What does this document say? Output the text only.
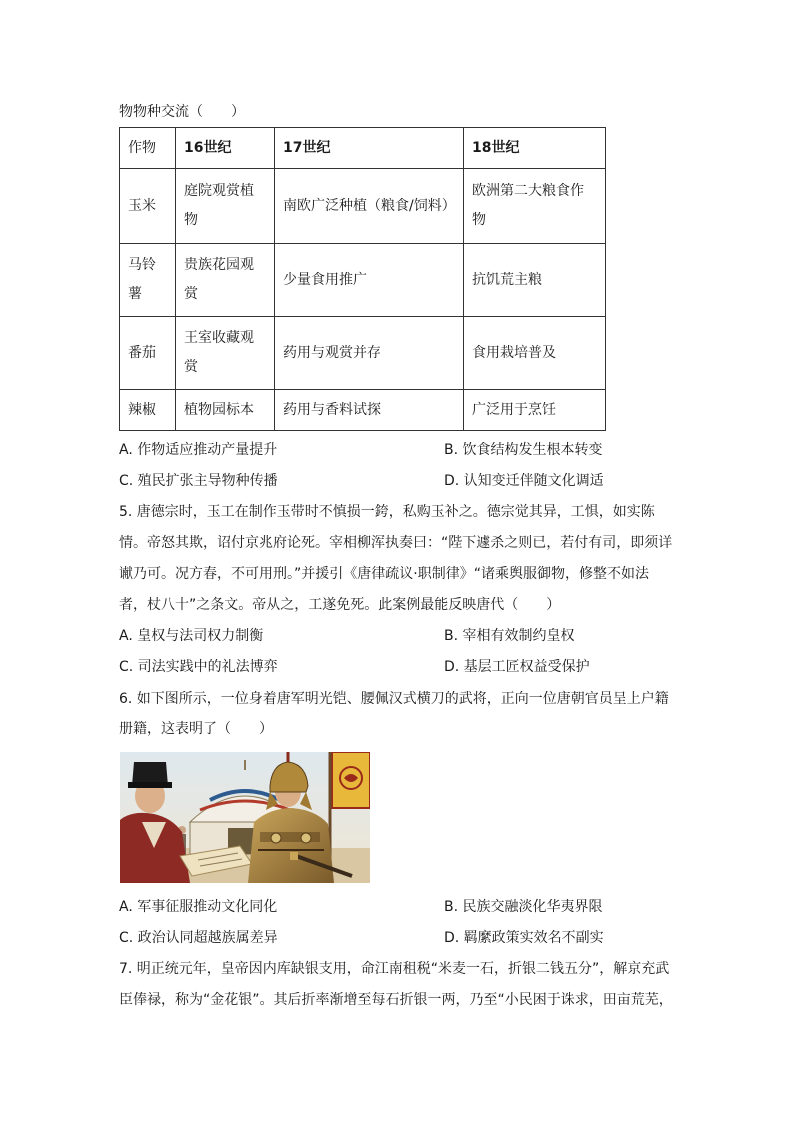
物物种交流（　　）
作物	16世纪	17世纪	18世纪
玉米	庭院观赏植物	南欧广泛种植（粮食/饲料）	欧洲第二大粮食作物
马铃薯	贵族花园观赏	少量食用推广	抗饥荒主粮
番茄	王室收藏观赏	药用与观赏并存	食用栽培普及
辣椒	植物园标本	药用与香料试探	广泛用于烹饪
A. 作物适应推动产量提升	B. 饮食结构发生根本转变
C. 殖民扩张主导物种传播	D. 认知变迁伴随文化调适
5. 唐德宗时，玉工在制作玉带时不慎损一銙，私购玉补之。德宗觉其异，工惧，如实陈
情。帝怒其欺，诏付京兆府论死。宰相柳浑执奏曰：“陛下遽杀之则已，若付有司，即须详
谳乃可。况方春，不可用刑。”并援引《唐律疏议·职制律》“诸乘舆服御物，修整不如法
者，杖八十”之条文。帝从之，工遂免死。此案例最能反映唐代（　　）
A. 皇权与法司权力制衡	B. 宰相有效制约皇权
C. 司法实践中的礼法博弈	D. 基层工匠权益受保护
6. 如下图所示，一位身着唐军明光铠、腰佩汉式横刀的武将，正向一位唐朝官员呈上户籍
册籍，这表明了（　　）
A. 军事征服推动文化同化	B. 民族交融淡化华夷界限
C. 政治认同超越族属差异	D. 羁縻政策实效名不副实
7. 明正统元年，皇帝因内库缺银支用，命江南租税“米麦一石，折银二钱五分”，解京充武
臣俸禄，称为“金花银”。其后折率渐增至每石折银一两，乃至“小民困于诛求，田亩荒芜，
